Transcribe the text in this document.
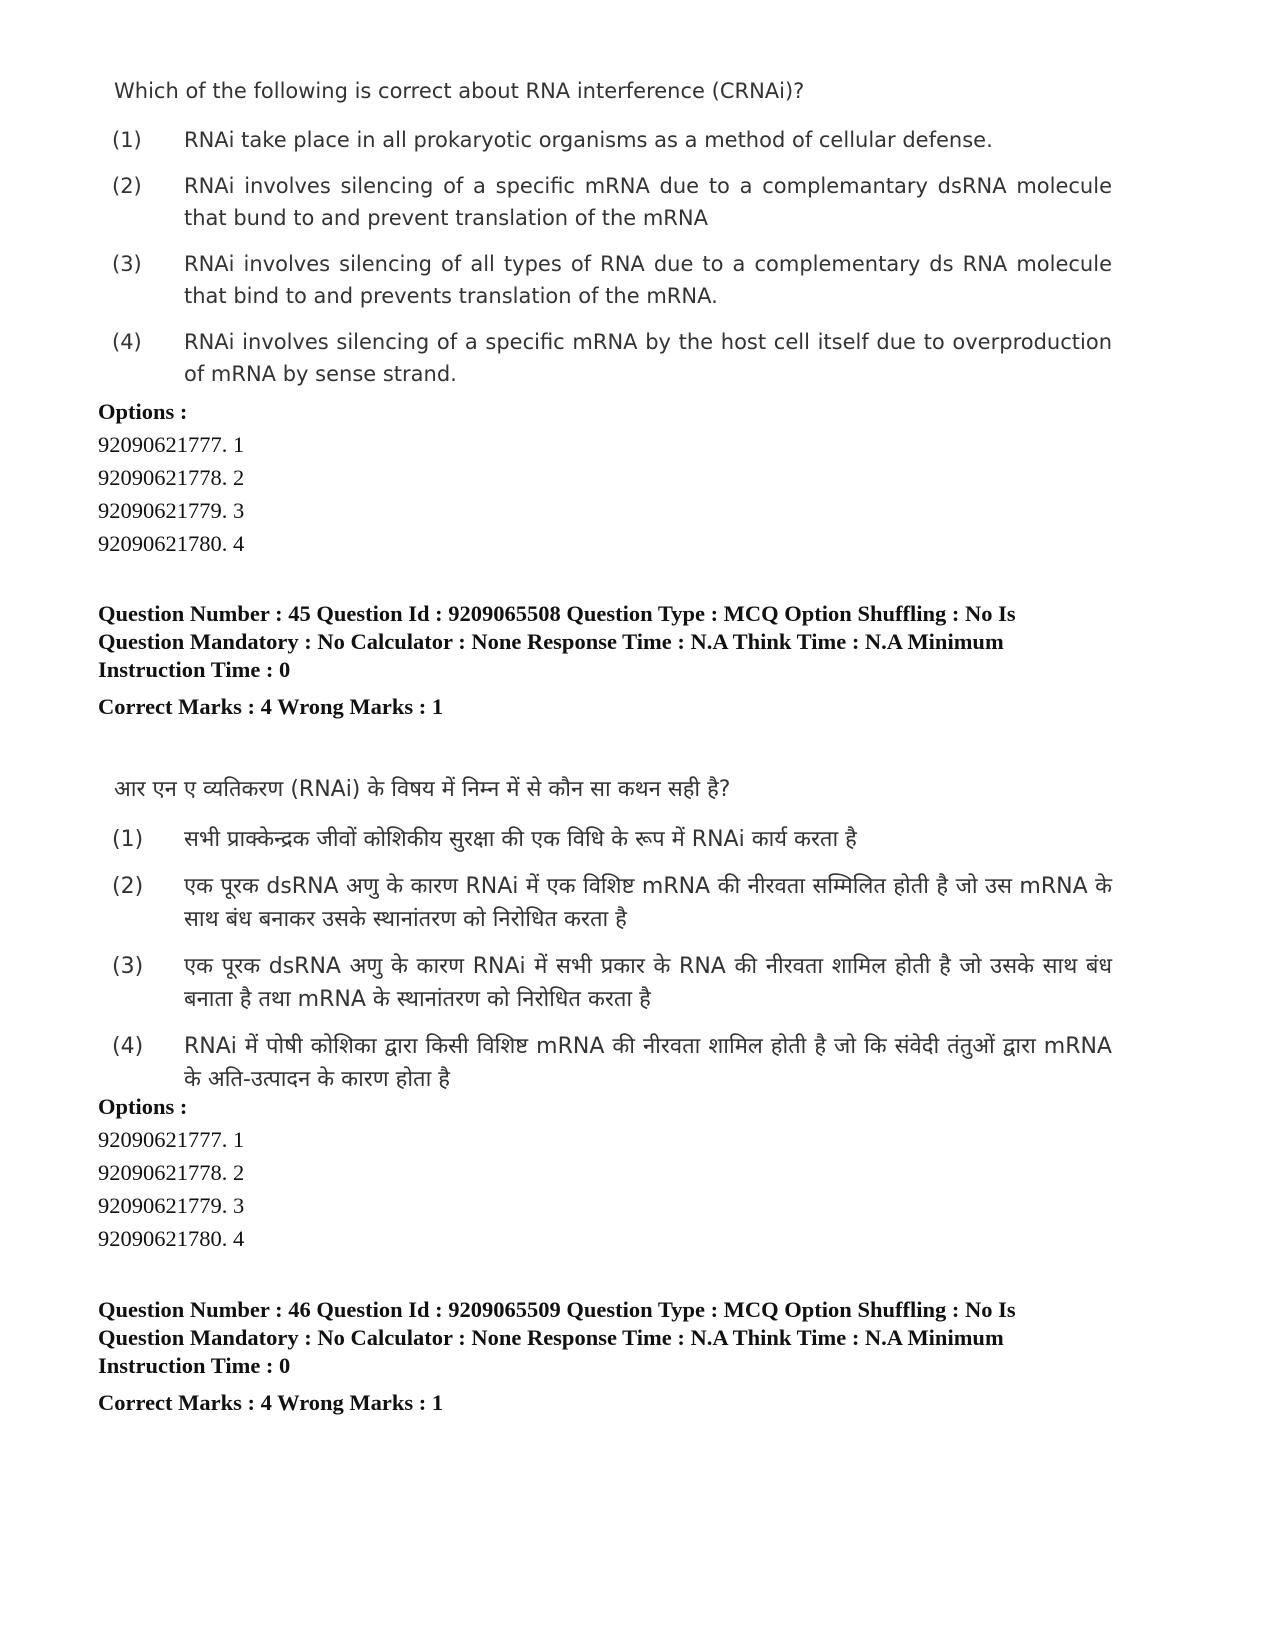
Which of the following is correct about RNA interference (CRNAi)?
(1)	RNAi take place in all prokaryotic organisms as a method of cellular defense.
(2)	RNAi involves silencing of a specific mRNA due to a complemantary dsRNA molecule that bund to and prevent translation of the mRNA
(3)	RNAi involves silencing of all types of RNA due to a complementary ds RNA molecule that bind to and prevents translation of the mRNA.
(4)	RNAi involves silencing of a specific mRNA by the host cell itself due to overproduction of mRNA by sense strand.
Options :
92090621777. 1
92090621778. 2
92090621779. 3
92090621780. 4
Question Number : 45 Question Id : 9209065508 Question Type : MCQ Option Shuffling : No Is Question Mandatory : No Calculator : None Response Time : N.A Think Time : N.A Minimum Instruction Time : 0
Correct Marks : 4 Wrong Marks : 1
आर एन ए व्यतिकरण (RNAi) के विषय में निम्न में से कौन सा कथन सही है?
(1)	सभी प्राक्केन्द्रक जीवों कोशिकीय सुरक्षा की एक विधि के रूप में RNAi कार्य करता है
(2)	एक पूरक dsRNA अणु के कारण RNAi में एक विशिष्ट mRNA की नीरवता सम्मिलित होती है जो उस mRNA के साथ बंध बनाकर उसके स्थानांतरण को निरोधित करता है
(3)	एक पूरक dsRNA अणु के कारण RNAi में सभी प्रकार के RNA की नीरवता शामिल होती है जो उसके साथ बंध बनाता है तथा mRNA के स्थानांतरण को निरोधित करता है
(4)	RNAi में पोषी कोशिका द्वारा किसी विशिष्ट mRNA की नीरवता शामिल होती है जो कि संवेदी तंतुओं द्वारा mRNA के अति-उत्पादन के कारण होता है
Options :
92090621777. 1
92090621778. 2
92090621779. 3
92090621780. 4
Question Number : 46 Question Id : 9209065509 Question Type : MCQ Option Shuffling : No Is Question Mandatory : No Calculator : None Response Time : N.A Think Time : N.A Minimum Instruction Time : 0
Correct Marks : 4 Wrong Marks : 1
